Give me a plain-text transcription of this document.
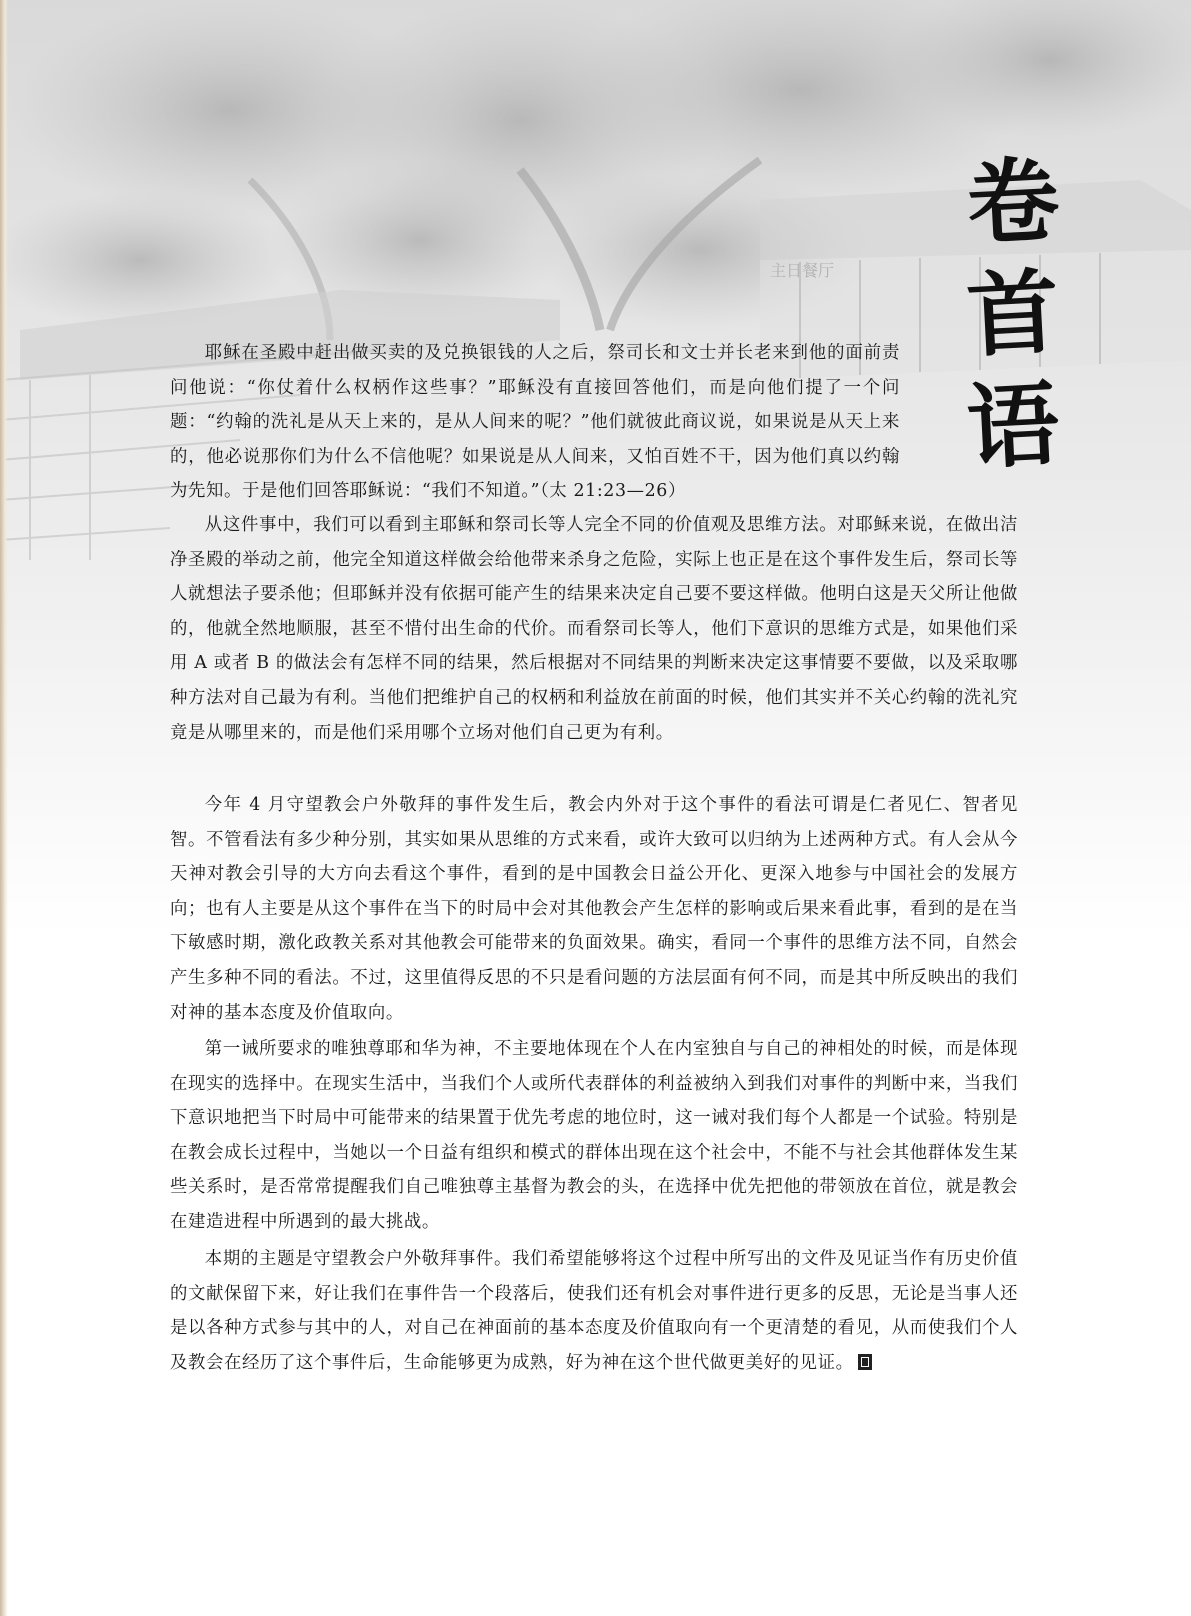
主日餐厅
卷
首
语

耶稣在圣殿中赶出做买卖的及兑换银钱的人之后，祭司长和文士并长老来到他的面前责问他说：“你仗着什么权柄作这些事？”耶稣没有直接回答他们，而是向他们提了一个问题：“约翰的洗礼是从天上来的，是从人间来的呢？”他们就彼此商议说，如果说是从天上来的，他必说那你们为什么不信他呢？如果说是从人间来，又怕百姓不干，因为他们真以约翰为先知。于是他们回答耶稣说：“我们不知道。”（太 21:23—26）

从这件事中，我们可以看到主耶稣和祭司长等人完全不同的价值观及思维方法。对耶稣来说，在做出洁净圣殿的举动之前，他完全知道这样做会给他带来杀身之危险，实际上也正是在这个事件发生后，祭司长等人就想法子要杀他；但耶稣并没有依据可能产生的结果来决定自己要不要这样做。他明白这是天父所让他做的，他就全然地顺服，甚至不惜付出生命的代价。而看祭司长等人，他们下意识的思维方式是，如果他们采用 A 或者 B 的做法会有怎样不同的结果，然后根据对不同结果的判断来决定这事情要不要做，以及采取哪种方法对自己最为有利。当他们把维护自己的权柄和利益放在前面的时候，他们其实并不关心约翰的洗礼究竟是从哪里来的，而是他们采用哪个立场对他们自己更为有利。

今年 4 月守望教会户外敬拜的事件发生后，教会内外对于这个事件的看法可谓是仁者见仁、智者见智。不管看法有多少种分别，其实如果从思维的方式来看，或许大致可以归纳为上述两种方式。有人会从今天神对教会引导的大方向去看这个事件，看到的是中国教会日益公开化、更深入地参与中国社会的发展方向；也有人主要是从这个事件在当下的时局中会对其他教会产生怎样的影响或后果来看此事，看到的是在当下敏感时期，激化政教关系对其他教会可能带来的负面效果。确实，看同一个事件的思维方法不同，自然会产生多种不同的看法。不过，这里值得反思的不只是看问题的方法层面有何不同，而是其中所反映出的我们对神的基本态度及价值取向。

第一诫所要求的唯独尊耶和华为神，不主要地体现在个人在内室独自与自己的神相处的时候，而是体现在现实的选择中。在现实生活中，当我们个人或所代表群体的利益被纳入到我们对事件的判断中来，当我们下意识地把当下时局中可能带来的结果置于优先考虑的地位时，这一诫对我们每个人都是一个试验。特别是在教会成长过程中，当她以一个日益有组织和模式的群体出现在这个社会中，不能不与社会其他群体发生某些关系时，是否常常提醒我们自己唯独尊主基督为教会的头，在选择中优先把他的带领放在首位，就是教会在建造进程中所遇到的最大挑战。

本期的主题是守望教会户外敬拜事件。我们希望能够将这个过程中所写出的文件及见证当作有历史价值的文献保留下来，好让我们在事件告一个段落后，使我们还有机会对事件进行更多的反思，无论是当事人还是以各种方式参与其中的人，对自己在神面前的基本态度及价值取向有一个更清楚的看见，从而使我们个人及教会在经历了这个事件后，生命能够更为成熟，好为神在这个世代做更美好的见证。
